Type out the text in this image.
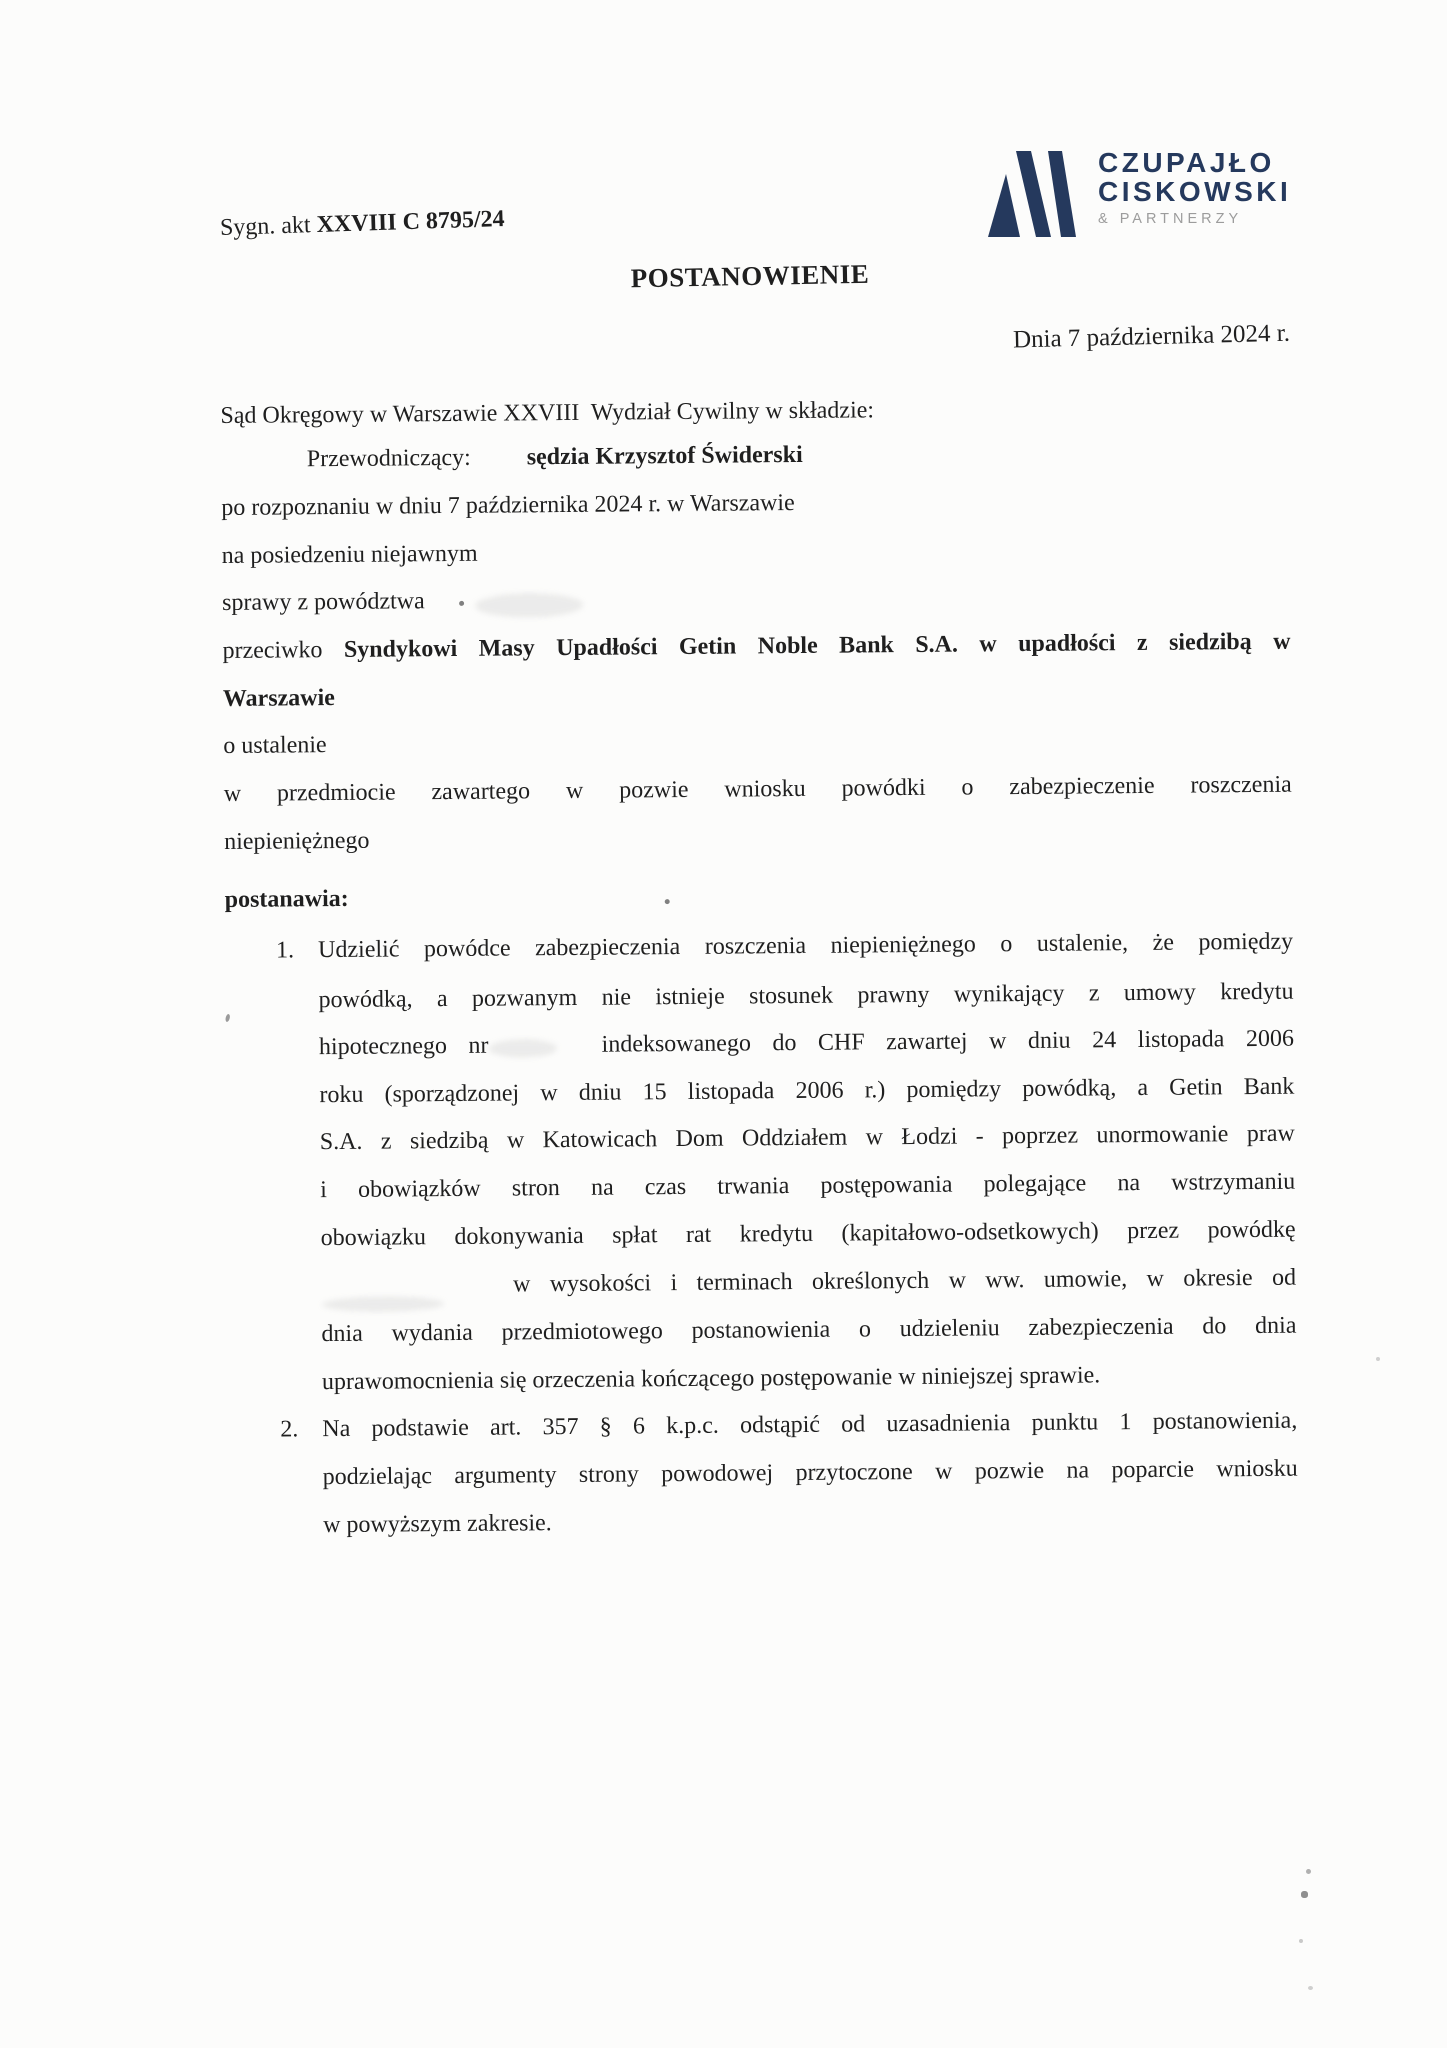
Sygn. akt XXVIII C 8795/24
CZUPAJŁO
CISKOWSKI
& PARTNERZY
POSTANOWIENIE
Dnia 7 października 2024 r.
Sąd Okręgowy w Warszawie XXVIII  Wydział Cywilny w składzie:
Przewodniczący: sędzia Krzysztof Świderski
po rozpoznaniu w dniu 7 października 2024 r. w Warszawie
na posiedzeniu niejawnym
sprawy z powództwa
przeciwko Syndykowi Masy Upadłości Getin Noble Bank S.A. w upadłości z siedzibą w
Warszawie
o ustalenie
w przedmiocie zawartego w pozwie wniosku powódki o zabezpieczenie roszczenia
niepieniężnego
postanawia:
1. Udzielić powódce zabezpieczenia roszczenia niepieniężnego o ustalenie, że pomiędzy
powódką, a pozwanym nie istnieje stosunek prawny wynikający z umowy kredytu
hipotecznego nr	indeksowanego do CHF zawartej w dniu 24 listopada 2006
roku (sporządzonej w dniu 15 listopada 2006 r.) pomiędzy powódką, a Getin Bank
S.A. z siedzibą w Katowicach Dom Oddziałem w Łodzi - poprzez unormowanie praw
i obowiązków stron na czas trwania postępowania polegające na wstrzymaniu
obowiązku dokonywania spłat rat kredytu (kapitałowo-odsetkowych) przez powódkę
w wysokości i terminach określonych w ww. umowie, w okresie od
dnia wydania przedmiotowego postanowienia o udzieleniu zabezpieczenia do dnia
uprawomocnienia się orzeczenia kończącego postępowanie w niniejszej sprawie.
2. Na podstawie art. 357 § 6 k.p.c. odstąpić od uzasadnienia punktu 1 postanowienia,
podzielając argumenty strony powodowej przytoczone w pozwie na poparcie wniosku
w powyższym zakresie.
